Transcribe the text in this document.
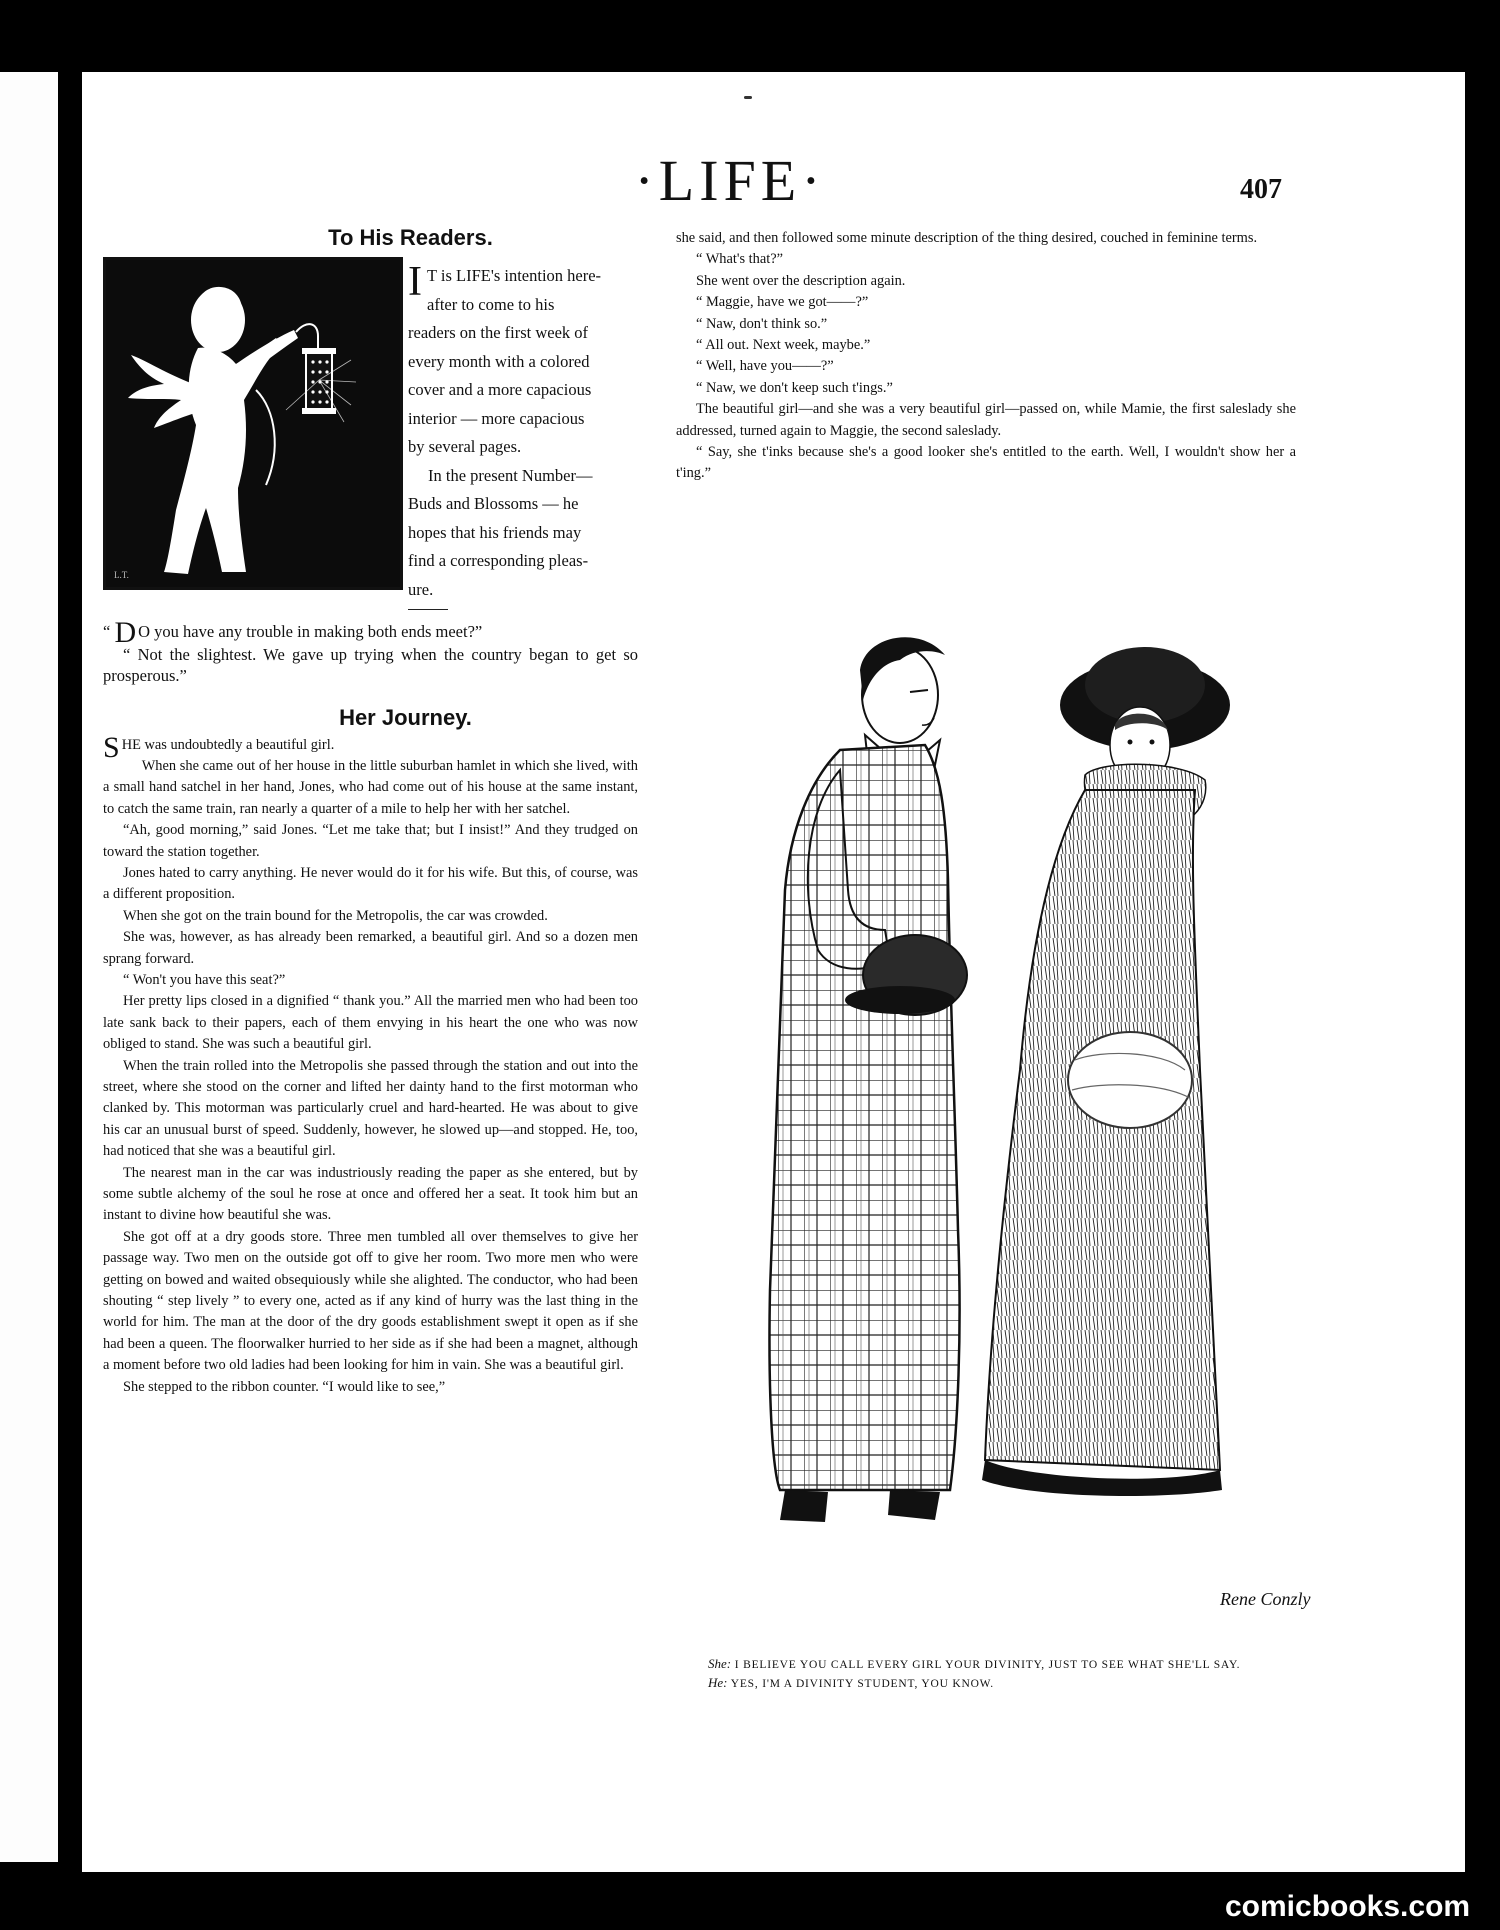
·LIFE·	407
To His Readers.
L.T.

I T is LIFE's intention here-
after to come to his
readers on the first week of
every month with a colored
cover and a more capacious
interior — more capacious
by several pages.

In the present Number—
Buds and Blossoms — he
hopes that his friends may
find a corresponding pleas-
ure.

“ D O you have any trouble in making both ends meet?”

“ Not the slightest. We gave up trying when the country began to get so prosperous.”

Her Journey.

SHE was undoubtedly a beautiful girl.

When she came out of her house in the little suburban hamlet in which she lived, with a small hand satchel in her hand, Jones, who had come out of his house at the same instant, to catch the same train, ran nearly a quarter of a mile to help her with her satchel.

“Ah, good morning,” said Jones. “Let me take that; but I insist!” And they trudged on toward the station together.

Jones hated to carry anything. He never would do it for his wife. But this, of course, was a different proposition.

When she got on the train bound for the Metropolis, the car was crowded.

She was, however, as has already been remarked, a beautiful girl. And so a dozen men sprang forward.

“ Won't you have this seat?”

Her pretty lips closed in a dignified “ thank you.” All the married men who had been too late sank back to their papers, each of them envying in his heart the one who was now obliged to stand. She was such a beautiful girl.

When the train rolled into the Metropolis she passed through the station and out into the street, where she stood on the corner and lifted her dainty hand to the first motorman who clanked by. This motorman was particularly cruel and hard-hearted. He was about to give his car an unusual burst of speed. Suddenly, however, he slowed up—and stopped. He, too, had noticed that she was a beautiful girl.

The nearest man in the car was industriously reading the paper as she entered, but by some subtle alchemy of the soul he rose at once and offered her a seat. It took him but an instant to divine how beautiful she was.

She got off at a dry goods store. Three men tumbled all over themselves to give her passage way. Two men on the outside got off to give her room. Two more men who were getting on bowed and waited obsequiously while she alighted. The conductor, who had been shouting “ step lively ” to every one, acted as if any kind of hurry was the last thing in the world for him. The man at the door of the dry goods establishment swept it open as if she had been a queen. The floorwalker hurried to her side as if she had been a magnet, although a moment before two old ladies had been looking for him in vain. She was a beautiful girl.

She stepped to the ribbon counter. “I would like to see,”

she said, and then followed some minute description of the thing desired, couched in feminine terms.

“ What's that?”

She went over the description again.

“ Maggie, have we got——?”

“ Naw, don't think so.”

“ All out. Next week, maybe.”

“ Well, have you——?”

“ Naw, we don't keep such t'ings.”

The beautiful girl—and she was a very beautiful girl—passed on, while Mamie, the first saleslady she addressed, turned again to Maggie, the second saleslady.

“ Say, she t'inks because she's a good looker she's entitled to the earth. Well, I wouldn't show her a t'ing.”

Rene Conzly
She: I BELIEVE YOU CALL EVERY GIRL YOUR DIVINITY, JUST TO SEE WHAT SHE'LL SAY.
He: YES, I'M A DIVINITY STUDENT, YOU KNOW.
comicbooks.com
